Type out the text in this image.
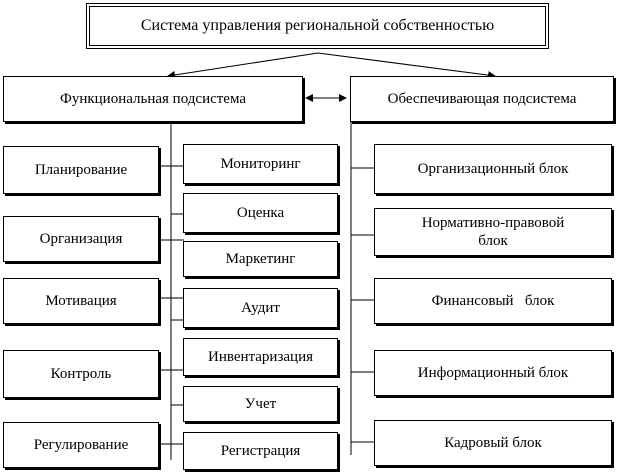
Система управления региональной собственностью
Функциональная подсистема	Обеспечивающая подсистема
Планирование
Организация
Мотивация
Контроль
Регулирование
Мониторинг
Оценка
Маркетинг
Аудит
Инвентаризация
Учет
Регистрация
Организационный блок
Нормативно-правовой блок
Финансовый   блок
Информационный блок
Кадровый блок
